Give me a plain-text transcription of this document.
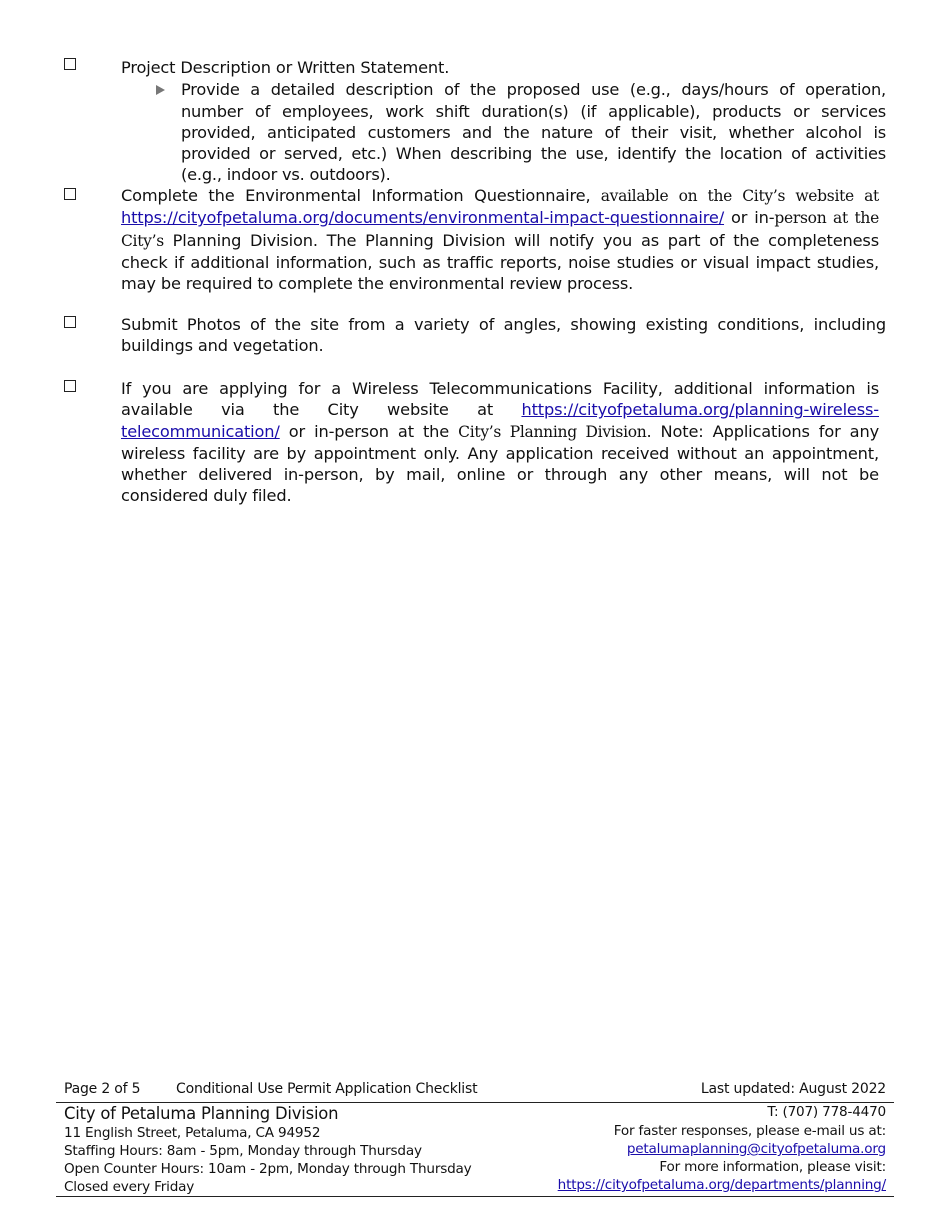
Project Description or Written Statement.
Provide a detailed description of the proposed use (e.g., days/hours of operation, number of employees, work shift duration(s) (if applicable), products or services provided, anticipated customers and the nature of their visit, whether alcohol is provided or served, etc.) When describing the use, identify the location of activities (e.g., indoor vs. outdoors).
Complete the Environmental Information Questionnaire, available on the City’s website at https://cityofpetaluma.org/documents/environmental-impact-questionnaire/ or in-person at the City’s Planning Division. The Planning Division will notify you as part of the completeness check if additional information, such as traffic reports, noise studies or visual impact studies, may be required to complete the environmental review process.
Submit Photos of the site from a variety of angles, showing existing conditions, including buildings and vegetation.
If you are applying for a Wireless Telecommunications Facility, additional information is available via the City website at https://cityofpetaluma.org/planning-wireless-telecommunication/ or in-person at the City’s Planning Division. Note: Applications for any wireless facility are by appointment only. Any application received without an appointment, whether delivered in-person, by mail, online or through any other means, will not be considered duly filed.
Page 2 of 5	Conditional Use Permit Application Checklist	Last updated: August 2022
City of Petaluma Planning Division
11 English Street, Petaluma, CA 94952
Staffing Hours: 8am - 5pm, Monday through Thursday
Open Counter Hours: 10am - 2pm, Monday through Thursday
Closed every Friday
T: (707) 778-4470
For faster responses, please e-mail us at:
petalumaplanning@cityofpetaluma.org
For more information, please visit:
https://cityofpetaluma.org/departments/planning/
